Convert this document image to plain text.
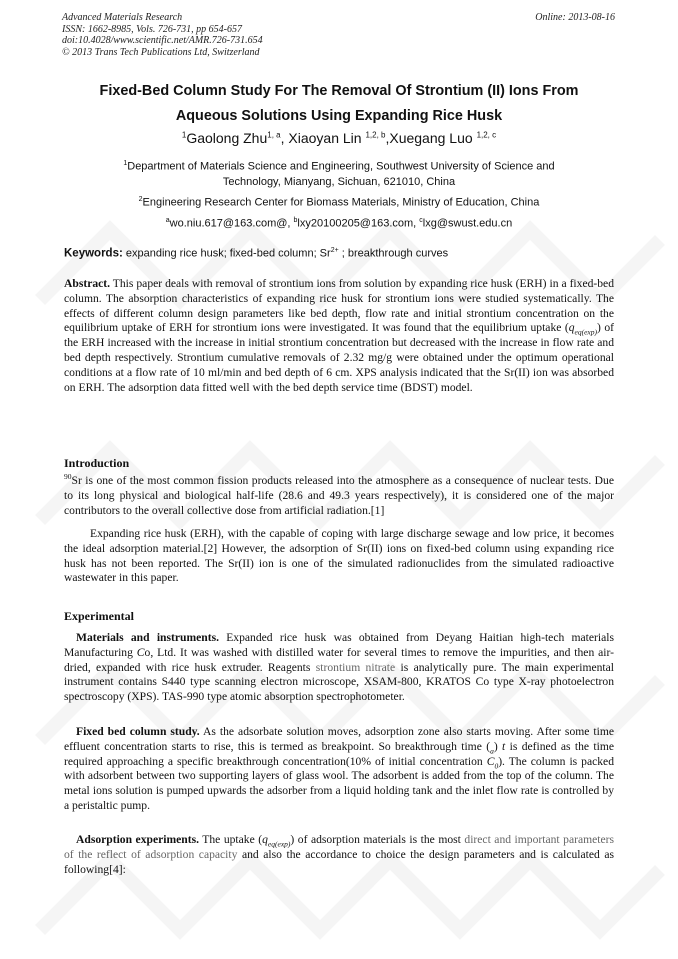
Advanced Materials Research
ISSN: 1662-8985, Vols. 726-731, pp 654-657
doi:10.4028/www.scientific.net/AMR.726-731.654
© 2013 Trans Tech Publications Ltd, Switzerland
Online: 2013-08-16
Fixed-Bed Column Study For The Removal Of Strontium (II) Ions From
Aqueous Solutions Using Expanding Rice Husk
$^1$Gaolong Zhu$^{1, a}$, Xiaoyan Lin $^{1,2, b}$,Xuegang Luo $^{1,2, c}$
$^1$Department of Materials Science and Engineering, Southwest University of Science and
Technology, Mianyang, Sichuan, 621010, China
$^2$Engineering Research Center for Biomass Materials, Ministry of Education, China
$^a$wo.niu.617@163.com@, $^b$lxy20100205@163.com, $^c$lxg@swust.edu.cn
Keywords: expanding rice husk; fixed-bed column; $Sr^{2+}$ ; breakthrough curves
Abstract. This paper deals with removal of strontium ions from solution by expanding rice husk (ERH) in a fixed-bed column. The absorption characteristics of expanding rice husk for strontium ions were studied systematically. The effects of different column design parameters like bed depth, flow rate and initial strontium concentration on the equilibrium uptake of ERH for strontium ions were investigated. It was found that the equilibrium uptake $(q_{eq(exp)})$ of the ERH increased with the increase in initial strontium concentration but decreased with the increase in flow rate and bed depth respectively. Strontium cumulative removals of 2.32 mg/g were obtained under the optimum operational conditions at a flow rate of 10 ml/min and bed depth of 6 cm. XPS analysis indicated that the Sr(II) ion was absorbed on ERH. The adsorption data fitted well with the bed depth service time (BDST) model.
Introduction
$^{90}$Sr is one of the most common fission products released into the atmosphere as a consequence of nuclear tests. Due to its long physical and biological half-life (28.6 and 49.3 years respectively), it is considered one of the major contributors to the overall collective dose from artificial radiation.[1]
Expanding rice husk (ERH), with the capable of coping with large discharge sewage and low price, it becomes the ideal adsorption material.[2] However, the adsorption of Sr(II) ions on fixed-bed column using expanding rice husk has not been reported. The Sr(II) ion is one of the simulated radionuclides from the simulated radioactive wastewater in this paper.
Experimental
Materials and instruments. Expanded rice husk was obtained from Deyang Haitian high-tech materials Manufacturing Co, Ltd. It was washed with distilled water for several times to remove the impurities, and then air-dried, expanded with rice husk extruder. Reagents strontium nitrate is analytically pure. The main experimental instrument contains S440 type scanning electron microscope, XSAM-800, KRATOS Co type X-ray photoelectron spectroscopy (XPS). TAS-990 type atomic absorption spectrophotometer.
Fixed bed column study. As the adsorbate solution moves, adsorption zone also starts moving. After some time effluent concentration starts to rise, this is termed as breakpoint. So breakthrough time $(_a)$ t is defined as the time required approaching a specific breakthrough concentration(10% of initial concentration $C_0$). The column is packed with adsorbent between two supporting layers of glass wool. The adsorbent is added from the top of the column. The metal ions solution is pumped upwards the adsorber from a liquid holding tank and the inlet flow rate is controlled by a peristaltic pump.
Adsorption experiments. The uptake $(q_{eq(exp)})$ of adsorption materials is the most direct and important parameters of the reflect of adsorption capacity and also the accordance to choice the design parameters and is calculated as following[4]:
